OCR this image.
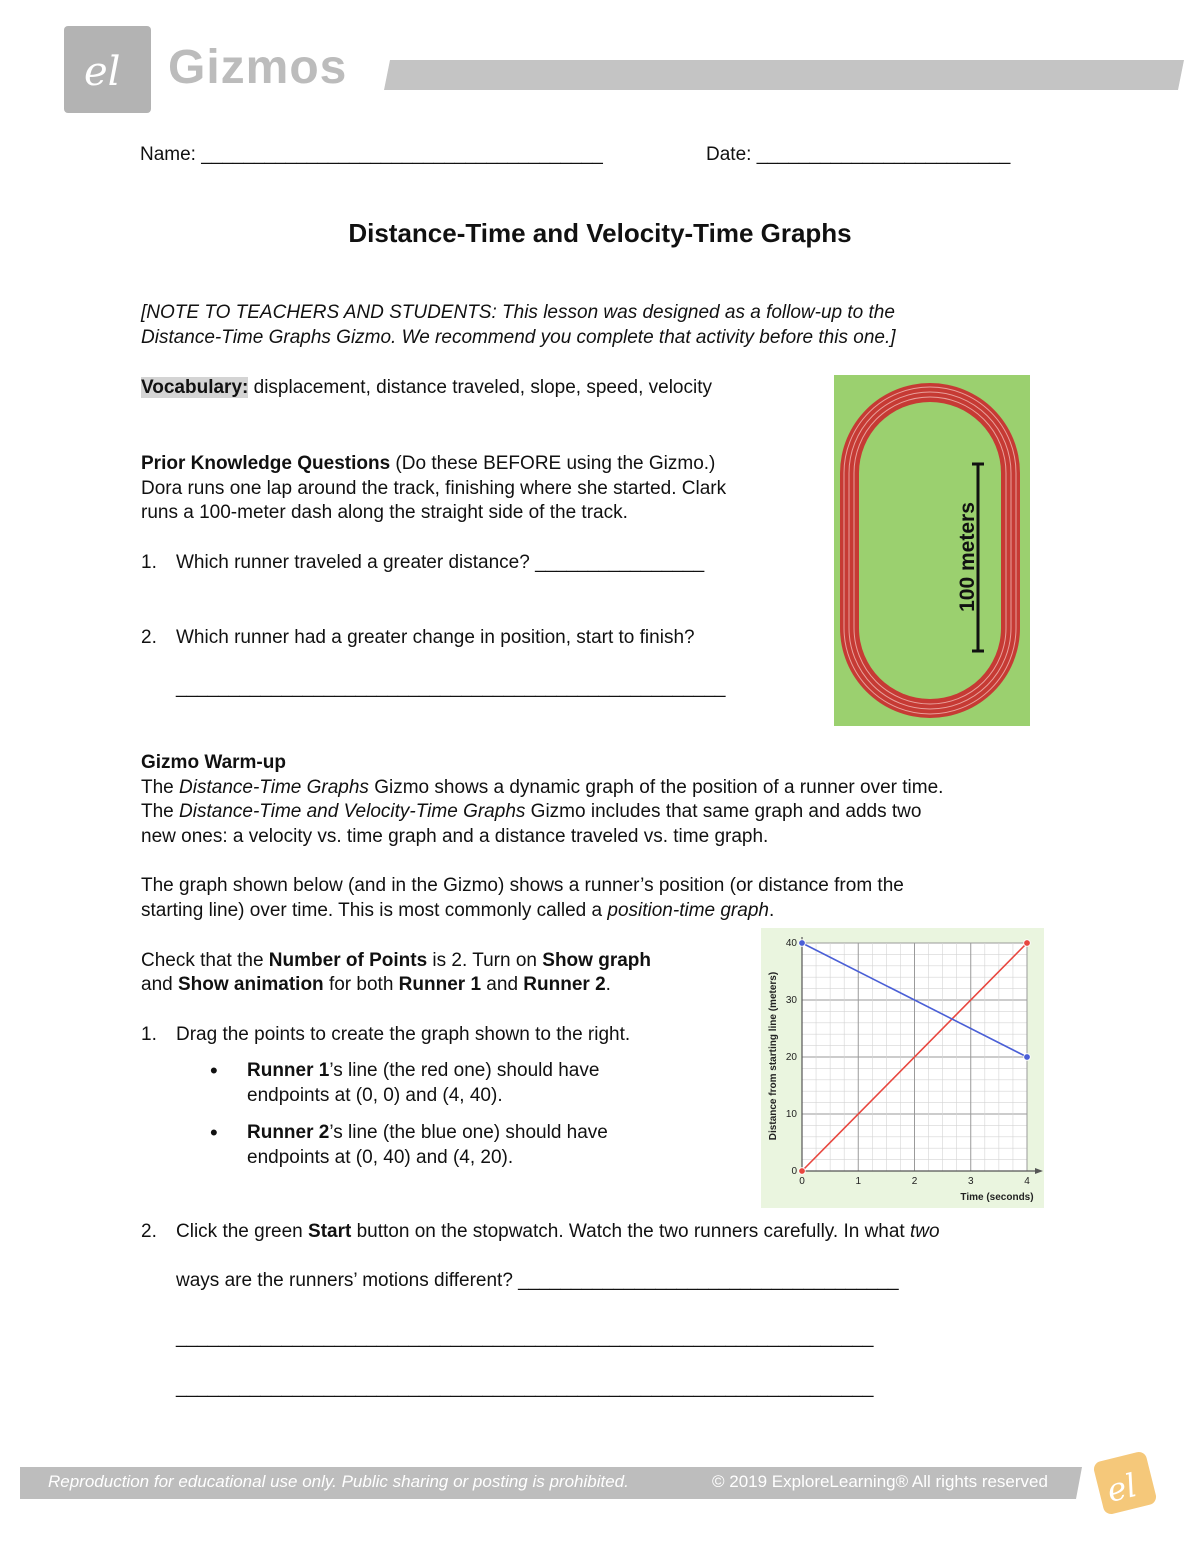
el Gizmos
Name: ______________________________________	Date: ________________________
Distance-Time and Velocity-Time Graphs
[NOTE TO TEACHERS AND STUDENTS: This lesson was designed as a follow-up to the
Distance-Time Graphs Gizmo. We recommend you complete that activity before this one.]
Vocabulary: displacement, distance traveled, slope, speed, velocity
Prior Knowledge Questions (Do these BEFORE using the Gizmo.)
Dora runs one lap around the track, finishing where she started. Clark
runs a 100-meter dash along the straight side of the track.
1. Which runner traveled a greater distance? ________________
2. Which runner had a greater change in position, start to finish?
____________________________________________________
100 meters
Gizmo Warm-up
The Distance-Time Graphs Gizmo shows a dynamic graph of the position of a runner over time.
The Distance-Time and Velocity-Time Graphs Gizmo includes that same graph and adds two
new ones: a velocity vs. time graph and a distance traveled vs. time graph.
The graph shown below (and in the Gizmo) shows a runner’s position (or distance from the
starting line) over time. This is most commonly called a position-time graph.
Check that the Number of Points is 2. Turn on Show graph
and Show animation for both Runner 1 and Runner 2.
1. Drag the points to create the graph shown to the right.
• Runner 1’s line (the red one) should have
endpoints at (0, 0) and (4, 40).
• Runner 2’s line (the blue one) should have
endpoints at (0, 40) and (4, 20).
0	1	2	3	4
0
10
20
30
40
Time (seconds)
Distance from starting line (meters)
2. Click the green Start button on the stopwatch. Watch the two runners carefully. In what two
ways are the runners’ motions different? ____________________________________
__________________________________________________________________
__________________________________________________________________
Reproduction for educational use only. Public sharing or posting is prohibited.	© 2019 ExploreLearning® All rights reserved el
